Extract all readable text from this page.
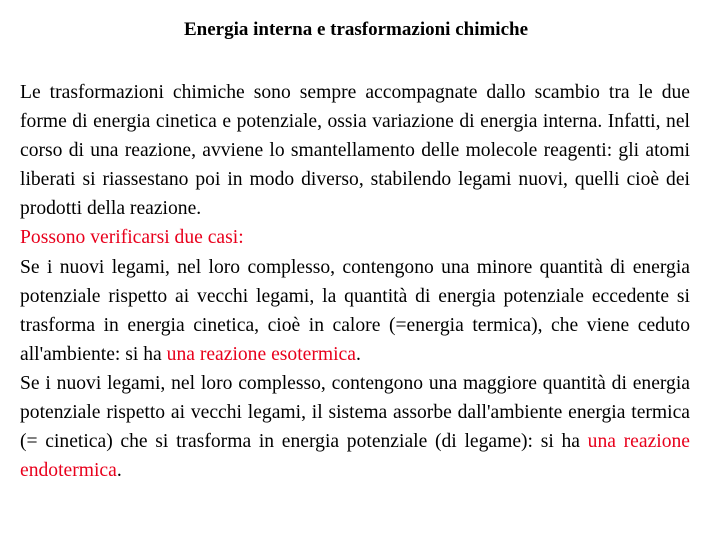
Energia interna e trasformazioni chimiche

Le trasformazioni chimiche sono sempre accompagnate dallo scambio tra le due forme di energia cinetica e potenziale, ossia variazione di energia interna. Infatti, nel corso di una reazione, avviene lo smantellamento delle molecole reagenti: gli atomi liberati si riassestano poi in modo diverso, stabilendo legami nuovi, quelli cioè dei prodotti della reazione.

Possono verificarsi due casi:

Se i nuovi legami, nel loro complesso, contengono una minore quantità di energia potenziale rispetto ai vecchi legami, la quantità di energia potenziale eccedente si trasforma in energia cinetica, cioè in calore (=energia termica), che viene ceduto all'ambiente: si ha una reazione esotermica.

Se i nuovi legami, nel loro complesso, contengono una maggiore quantità di energia potenziale rispetto ai vecchi legami, il sistema assorbe dall'ambiente energia termica (= cinetica) che si trasforma in energia potenziale (di legame): si ha una reazione endotermica.
